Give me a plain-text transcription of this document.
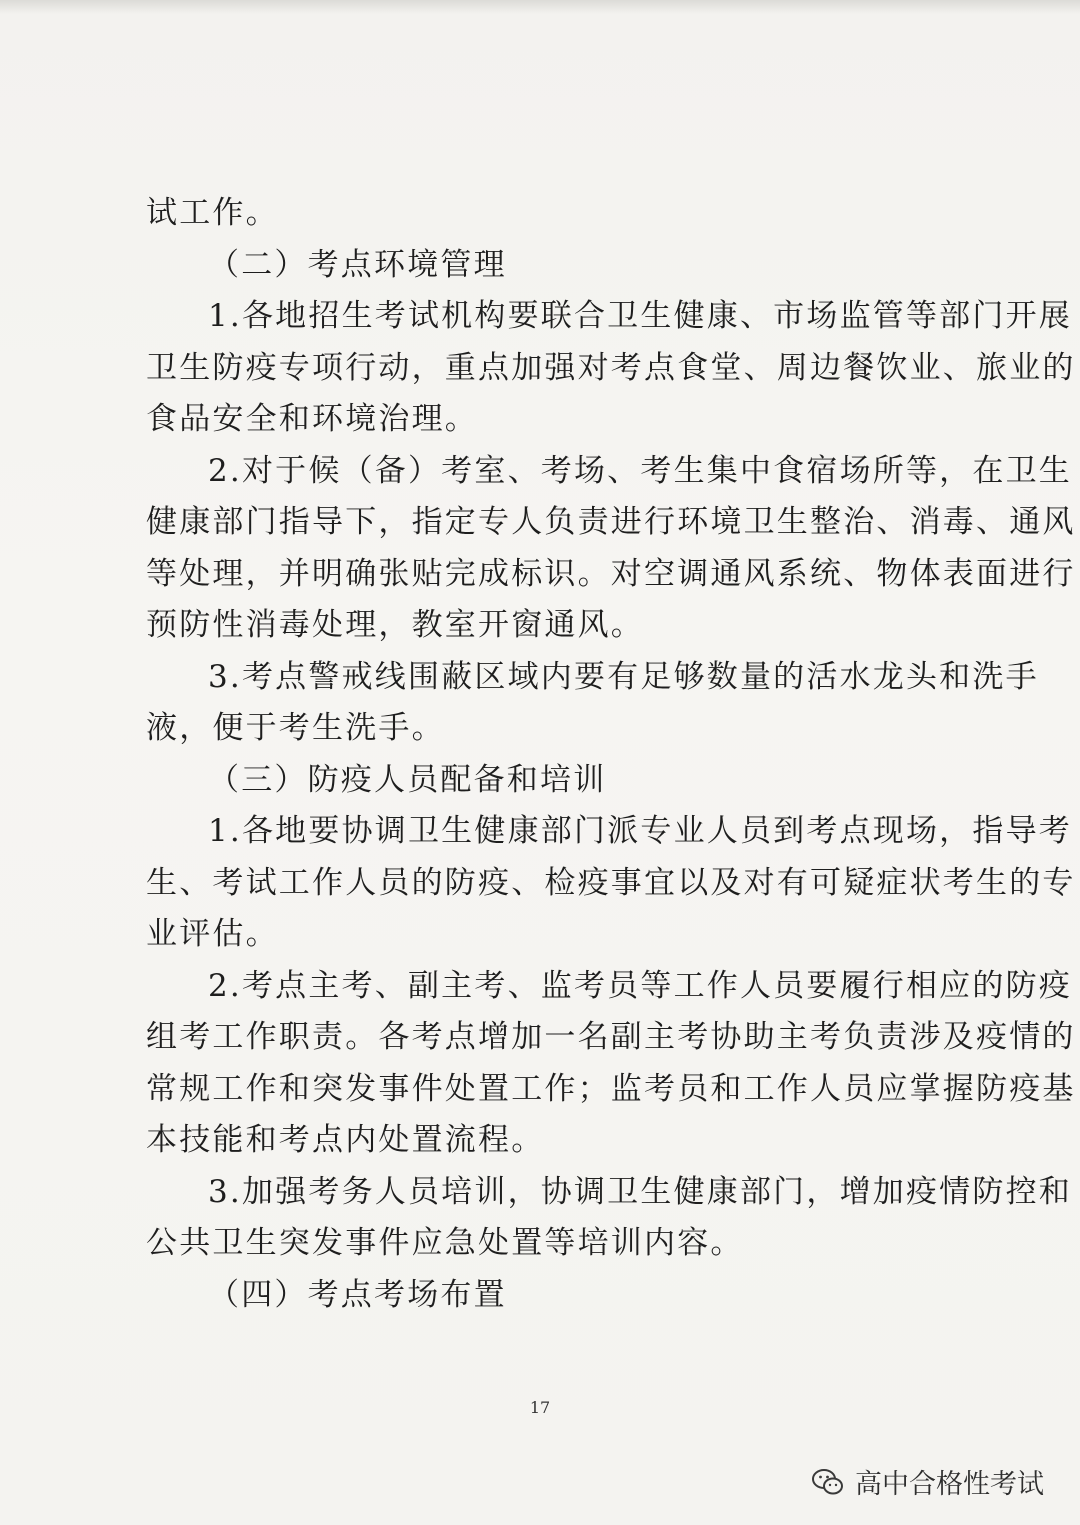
试工作。
（二）考点环境管理
1.各地招生考试机构要联合卫生健康、市场监管等部门开展
卫生防疫专项行动，重点加强对考点食堂、周边餐饮业、旅业的
食品安全和环境治理。
2.对于候（备）考室、考场、考生集中食宿场所等，在卫生
健康部门指导下，指定专人负责进行环境卫生整治、消毒、通风
等处理，并明确张贴完成标识。对空调通风系统、物体表面进行
预防性消毒处理，教室开窗通风。
3.考点警戒线围蔽区域内要有足够数量的活水龙头和洗手
液，便于考生洗手。
（三）防疫人员配备和培训
1.各地要协调卫生健康部门派专业人员到考点现场，指导考
生、考试工作人员的防疫、检疫事宜以及对有可疑症状考生的专
业评估。
2.考点主考、副主考、监考员等工作人员要履行相应的防疫
组考工作职责。各考点增加一名副主考协助主考负责涉及疫情的
常规工作和突发事件处置工作；监考员和工作人员应掌握防疫基
本技能和考点内处置流程。
3.加强考务人员培训，协调卫生健康部门，增加疫情防控和
公共卫生突发事件应急处置等培训内容。
（四）考点考场布置
17
高中合格性考试
